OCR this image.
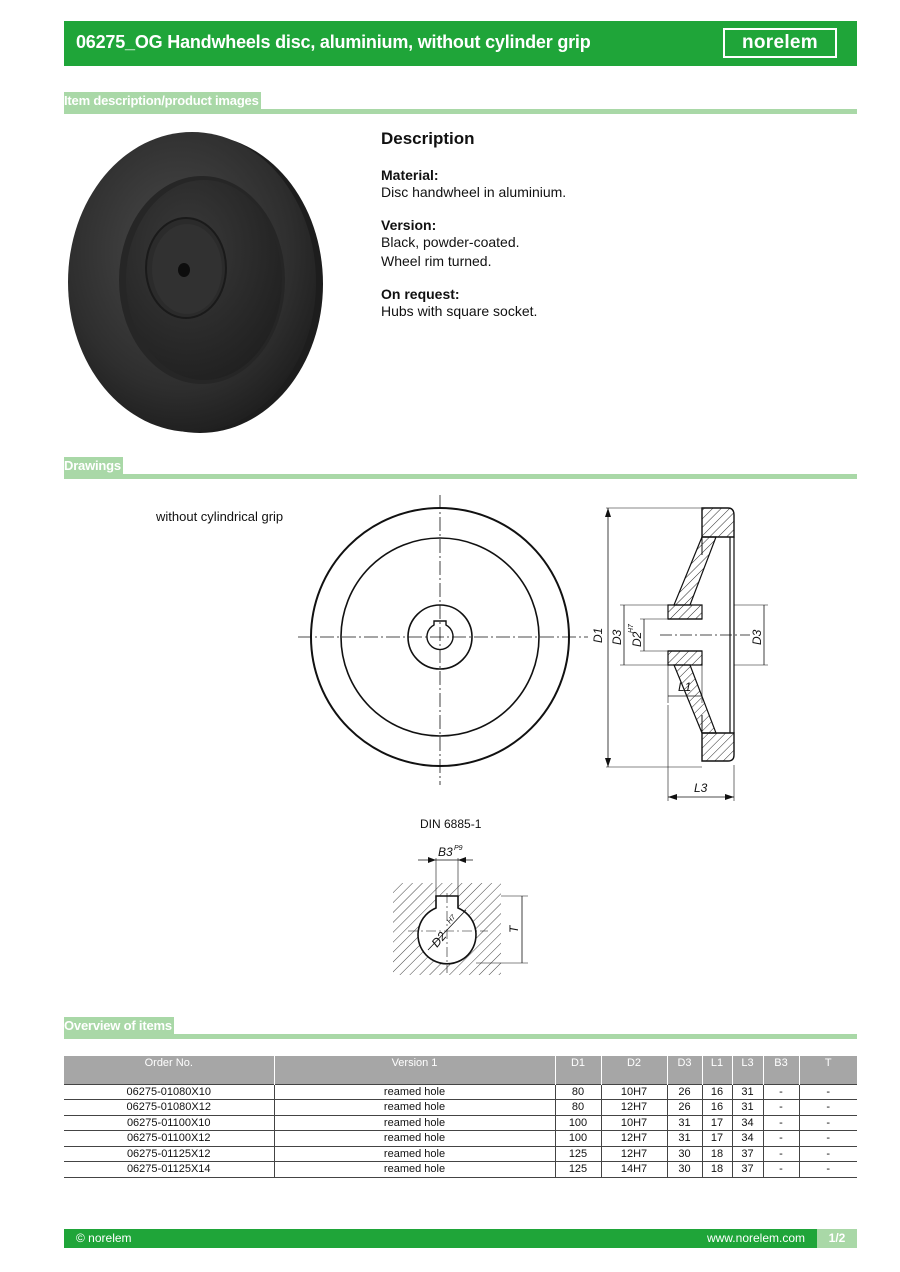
06275_OG Handwheels disc, aluminium, without cylinder grip	norelem
Item description/product images
Description
Material:
Disc handwheel in aluminium.
Version:
Black, powder-coated.
Wheel rim turned.
On request:
Hubs with square socket.
Drawings
without cylindrical grip
D1 D3 D2
H7
D3
L1
L3
DIN 6885-1
B3 P9
T
D2
H7
Overview of items
Order No.	Version 1	D1	D2	D3	L1	L3	B3	T
06275-01080X10	reamed hole	80	10H7	26	16	31	-	-
06275-01080X12	reamed hole	80	12H7	26	16	31	-	-
06275-01100X10	reamed hole	100	10H7	31	17	34	-	-
06275-01100X12	reamed hole	100	12H7	31	17	34	-	-
06275-01125X12	reamed hole	125	12H7	30	18	37	-	-
06275-01125X14	reamed hole	125	14H7	30	18	37	-	-
© norelem	www.norelem.com	1/2
